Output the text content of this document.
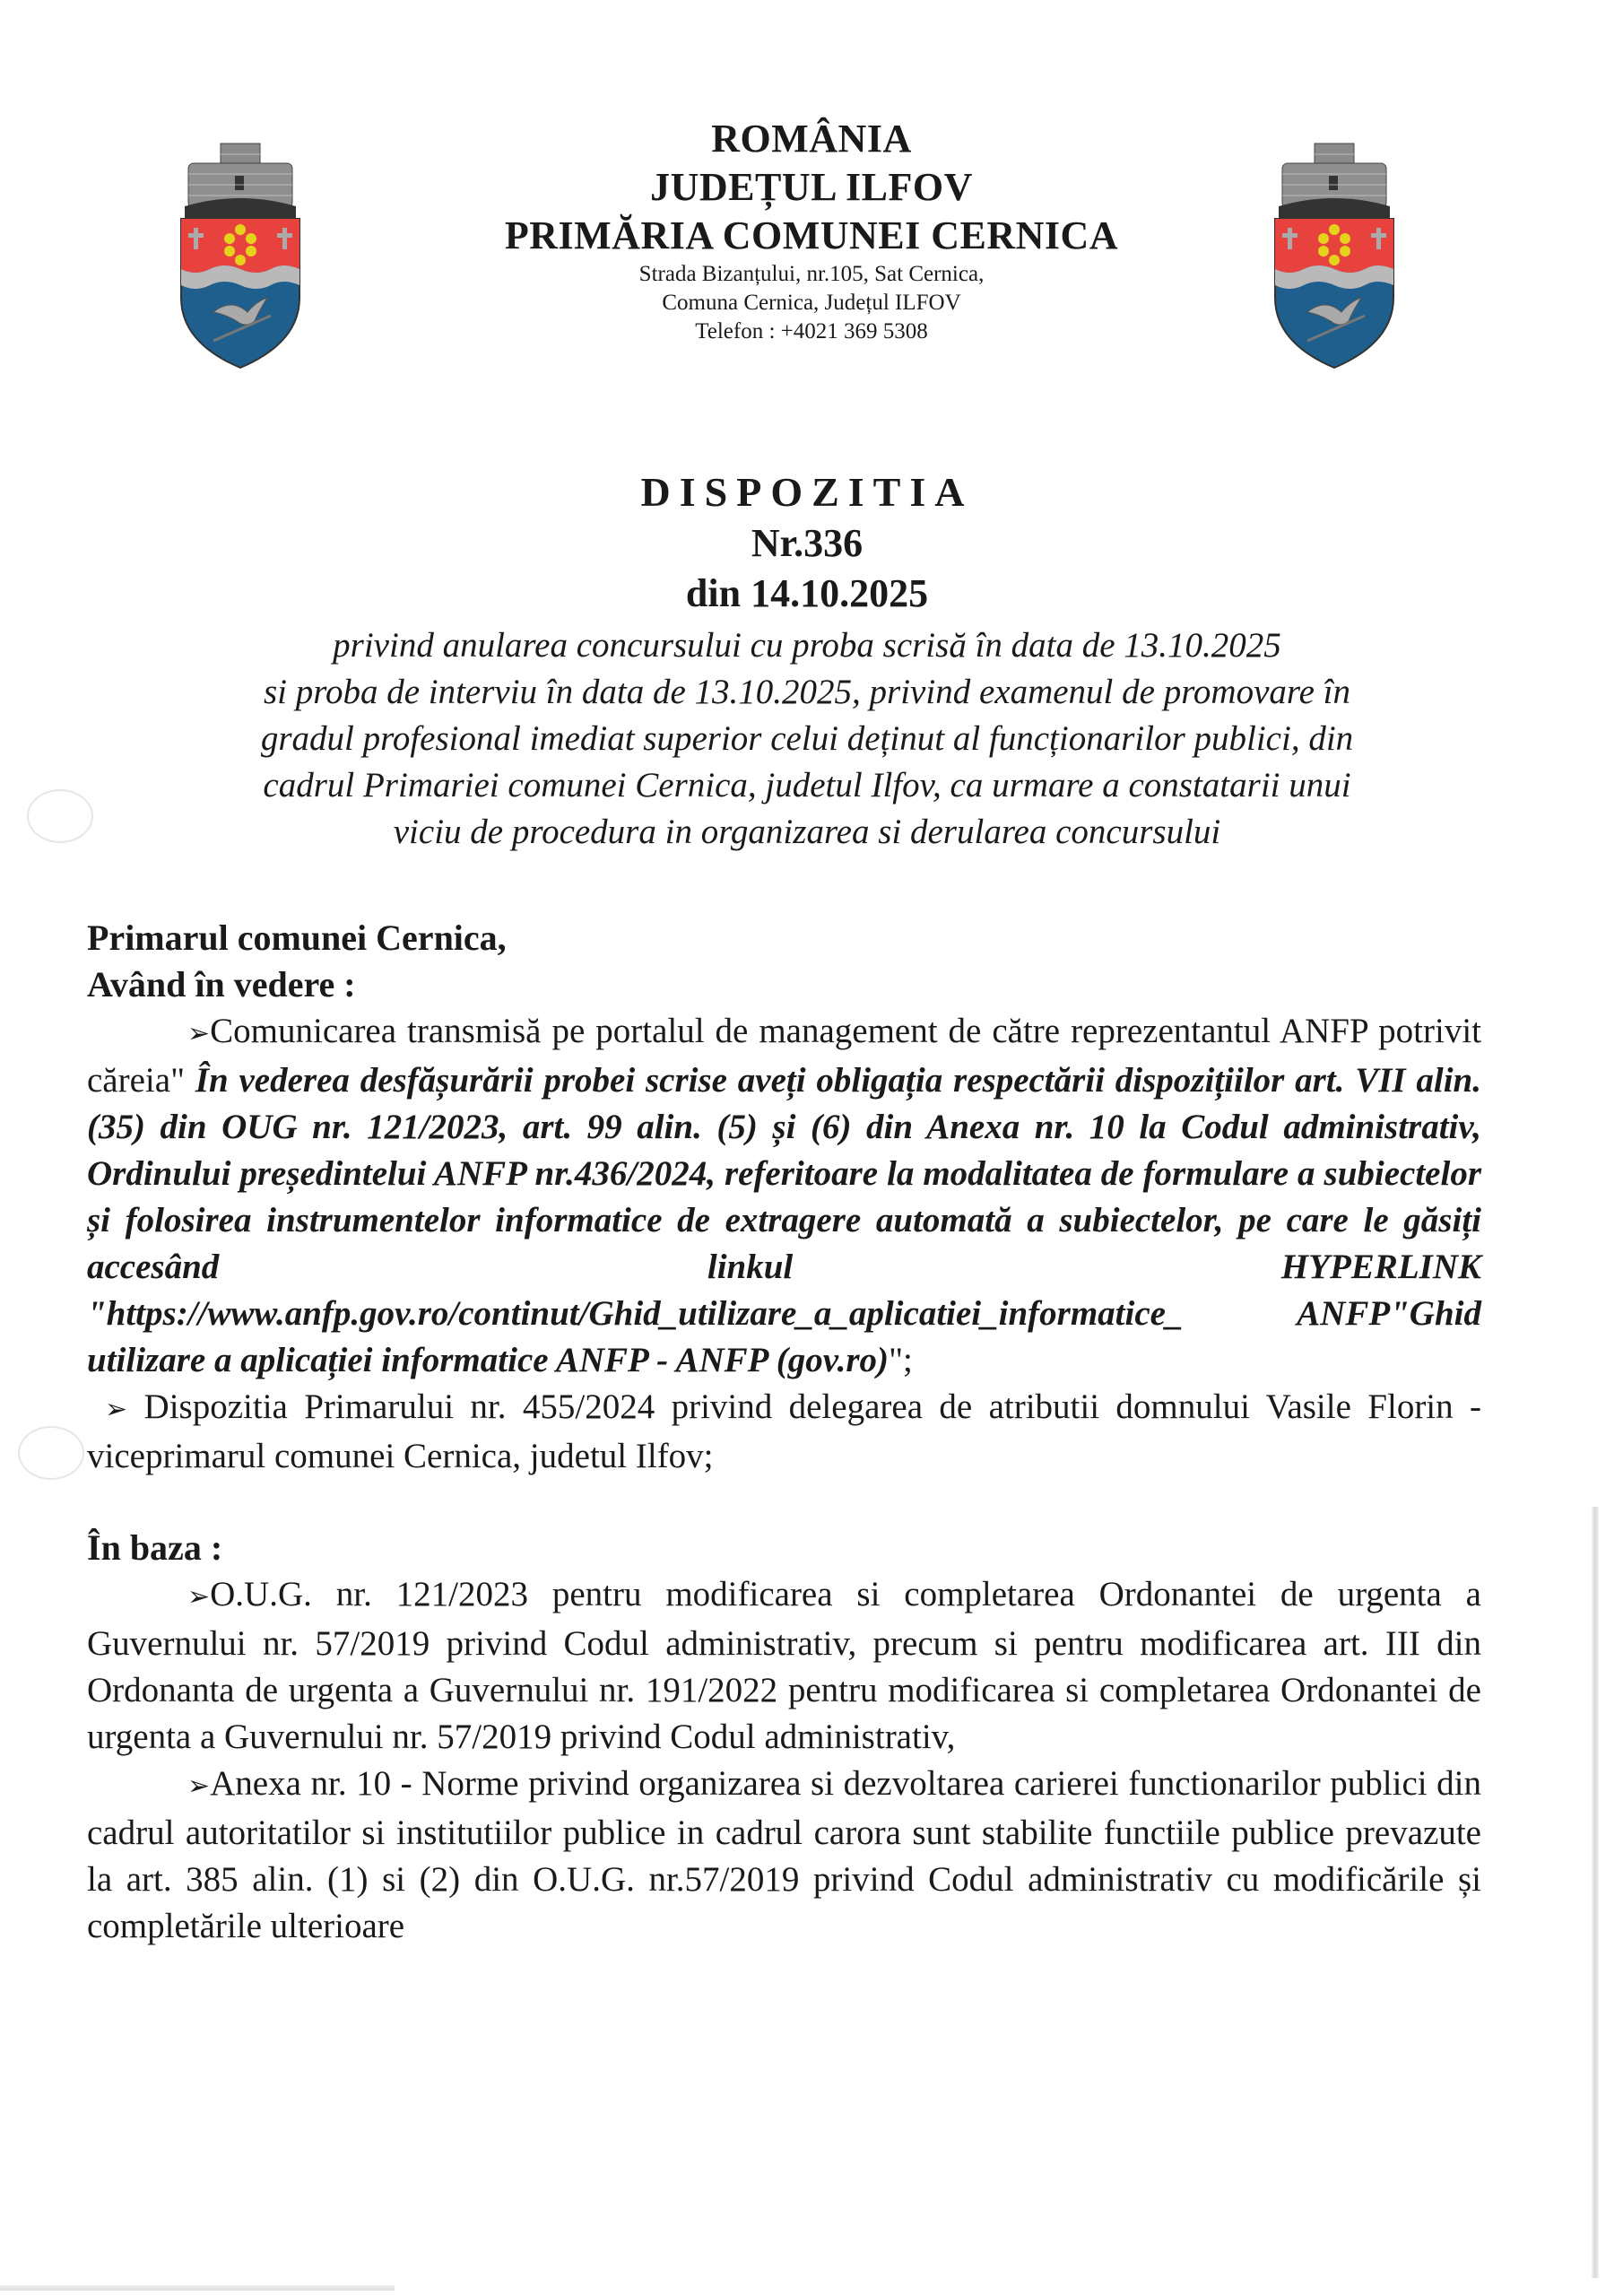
ROMÂNIA
JUDEȚUL ILFOV
PRIMĂRIA COMUNEI CERNICA
Strada Bizanțului, nr.105, Sat Cernica,
Comuna Cernica, Județul ILFOV
Telefon : +4021 369 5308
DISPOZITIA
Nr.336
din 14.10.2025
privind anularea concursului cu proba scrisă în data de 13.10.2025
si proba de interviu în data de 13.10.2025, privind examenul de promovare în
gradul profesional imediat superior celui deținut al funcționarilor publici, din
cadrul Primariei comunei Cernica, judetul Ilfov, ca urmare a constatarii unui
viciu de procedura in organizarea si derularea concursului
Primarul comunei Cernica,
Având în vedere :
➢Comunicarea transmisă pe portalul de management de către reprezentantul ANFP potrivit căreia" În vederea desfășurării probei scrise aveți obligația respectării dispozițiilor art. VII alin. (35) din OUG nr. 121/2023, art. 99 alin. (5) și (6) din Anexa nr. 10 la Codul administrativ, Ordinului președintelui ANFP nr.436/2024, referitoare la modalitatea de formulare a subiectelor și folosirea instrumentelor informatice de extragere automată a subiectelor, pe care le găsiți accesând linkul HYPERLINK "https://www.anfp.gov.ro/continut/Ghid_utilizare_a_aplicatiei_informatice_ ANFP"Ghid utilizare a aplicației informatice ANFP - ANFP (gov.ro)";
➢ Dispozitia Primarului nr. 455/2024 privind delegarea de atributii domnului Vasile Florin - viceprimarul comunei Cernica, judetul Ilfov;
În baza :
➢O.U.G. nr. 121/2023 pentru modificarea si completarea Ordonantei de urgenta a Guvernului nr. 57/2019 privind Codul administrativ, precum si pentru modificarea art. III din Ordonanta de urgenta a Guvernului nr. 191/2022 pentru modificarea si completarea Ordonantei de urgenta a Guvernului nr. 57/2019 privind Codul administrativ,
➢Anexa nr. 10 - Norme privind organizarea si dezvoltarea carierei functionarilor publici din cadrul autoritatilor si institutiilor publice in cadrul carora sunt stabilite functiile publice prevazute la art. 385 alin. (1) si (2) din O.U.G. nr.57/2019 privind Codul administrativ cu modificările și completările ulterioare
